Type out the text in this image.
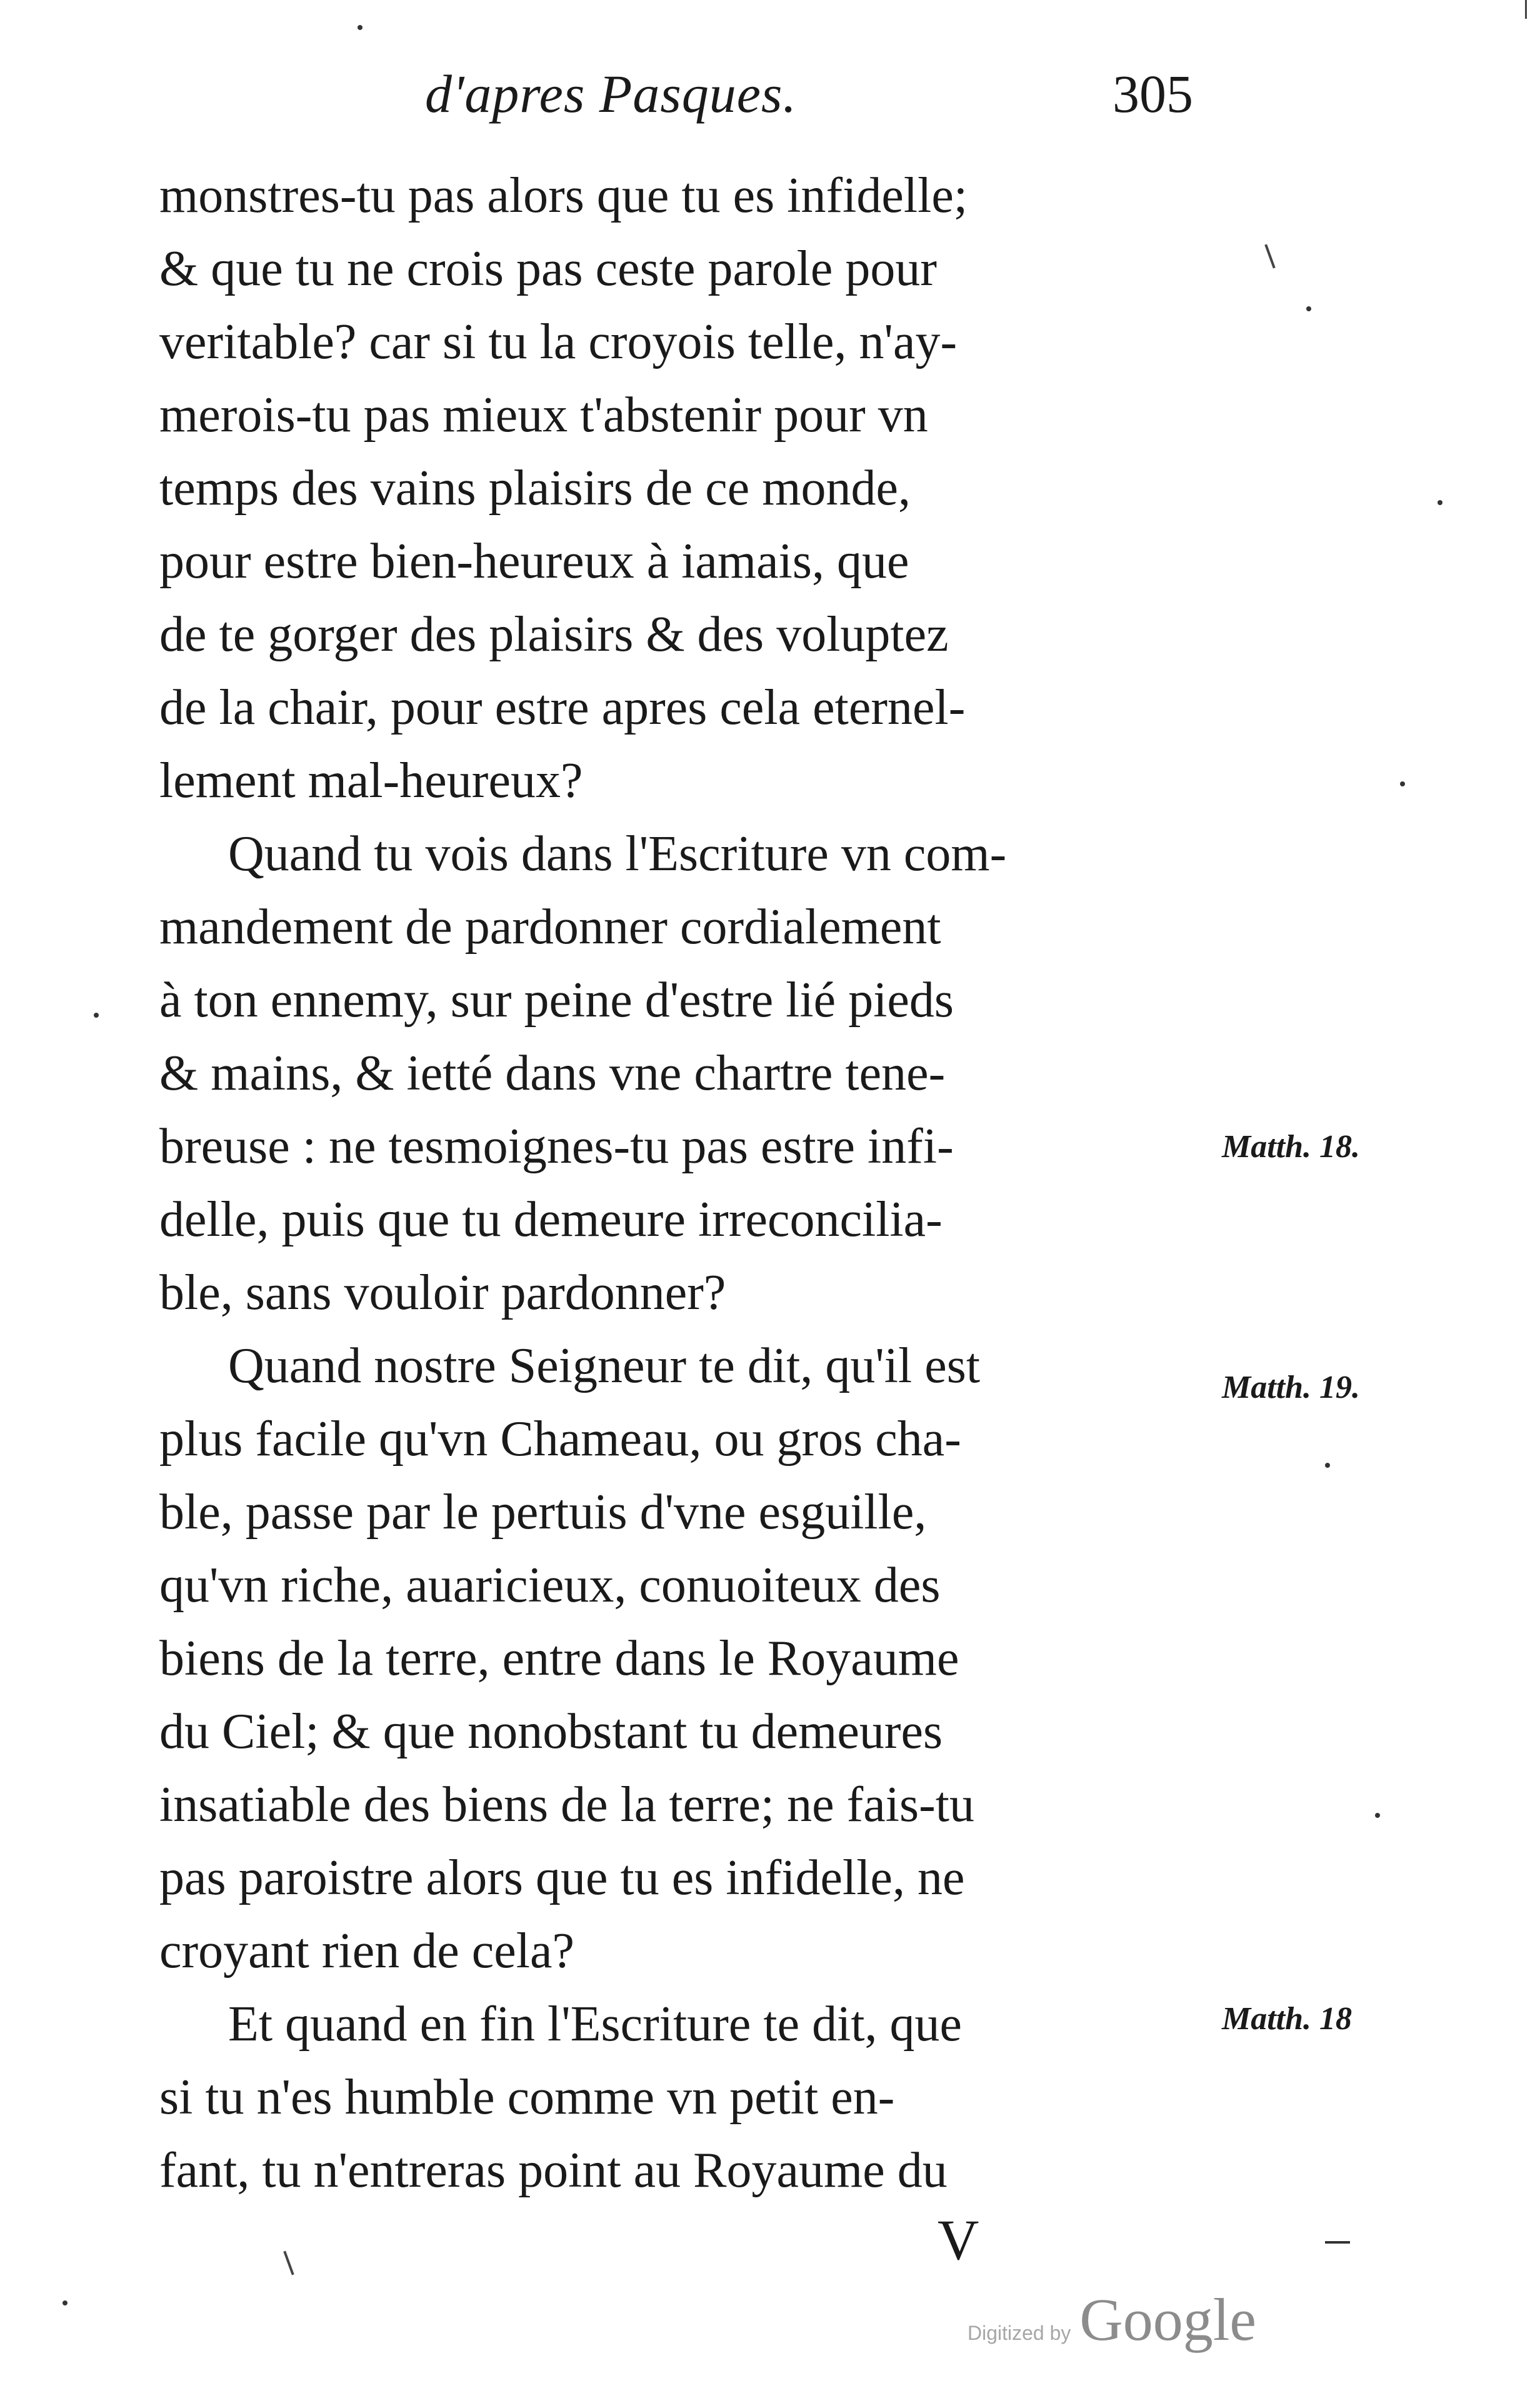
d'apres Pasques.	305
monstres-tu pas alors que tu es infidelle;
& que tu ne crois pas ceste parole pour
veritable? car si tu la croyois telle, n'ay-
merois-tu pas mieux t'abstenir pour vn
temps des vains plaisirs de ce monde,
pour estre bien-heureux à iamais, que
de te gorger des plaisirs & des voluptez
de la chair, pour estre apres cela eternel-
lement mal-heureux?
Quand tu vois dans l'Escriture vn com-
mandement de pardonner cordialement
à ton ennemy, sur peine d'estre lié pieds
& mains, & ietté dans vne chartre tene-
breuse : ne tesmoignes-tu pas estre infi-
delle, puis que tu demeure irreconcilia-
ble, sans vouloir pardonner?
Quand nostre Seigneur te dit, qu'il est
plus facile qu'vn Chameau, ou gros cha-
ble, passe par le pertuis d'vne esguille,
qu'vn riche, auaricieux, conuoiteux des
biens de la terre, entre dans le Royaume
du Ciel; & que nonobstant tu demeures
insatiable des biens de la terre; ne fais-tu
pas paroistre alors que tu es infidelle, ne
croyant rien de cela?
Et quand en fin l'Escriture te dit, que
si tu n'es humble comme vn petit en-
fant, tu n'entreras point au Royaume du
Matth. 18.
Matth. 19.
Matth. 18
V
Digitized by Google
